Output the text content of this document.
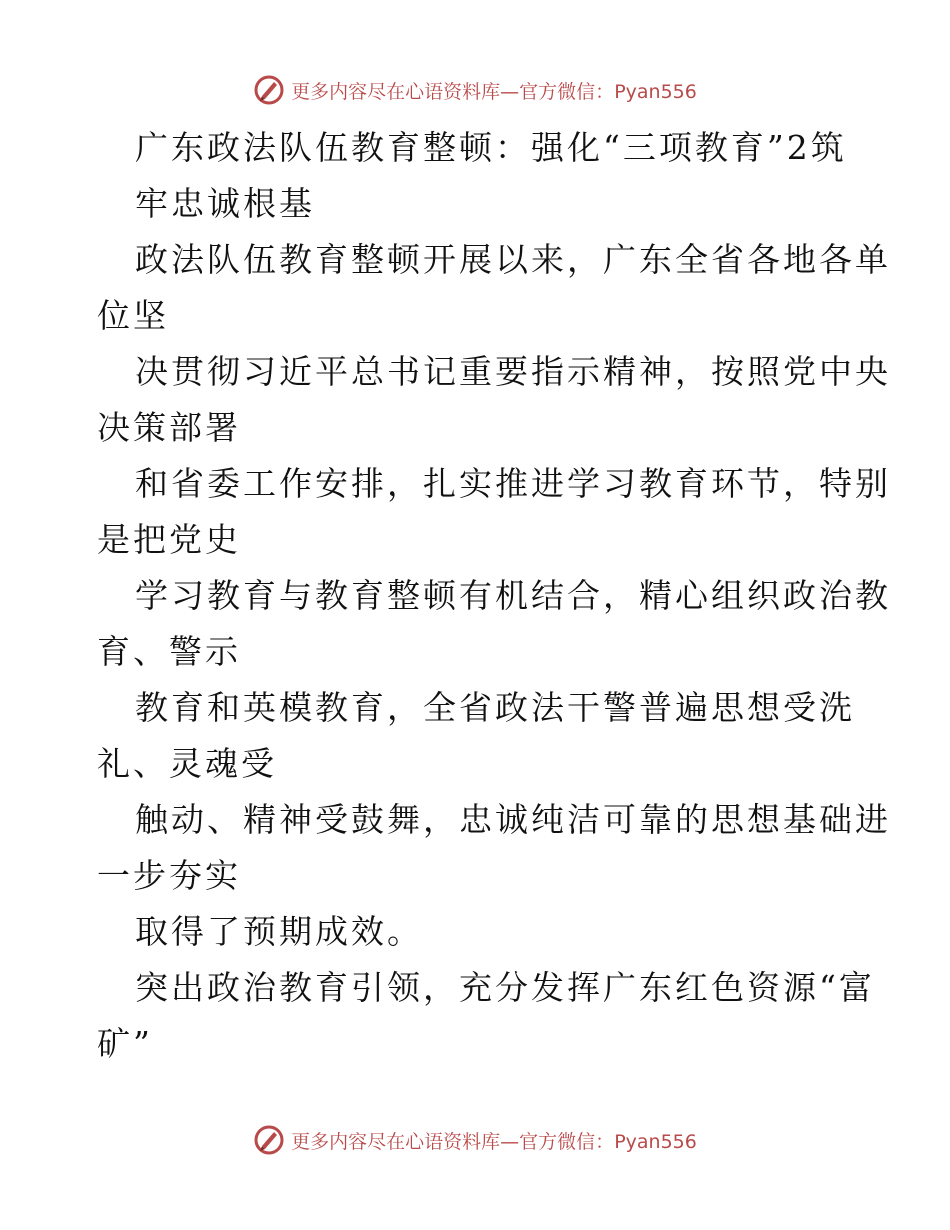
更多内容尽在心语资料库—官方微信：Pyan556
广东政法队伍教育整顿：强化“三项教育”2筑
牢忠诚根基
政法队伍教育整顿开展以来，广东全省各地各单
位坚
决贯彻习近平总书记重要指示精神，按照党中央
决策部署
和省委工作安排，扎实推进学习教育环节，特别
是把党史
学习教育与教育整顿有机结合，精心组织政治教
育、警示
教育和英模教育，全省政法干警普遍思想受洗
礼、灵魂受
触动、精神受鼓舞，忠诚纯洁可靠的思想基础进
一步夯实
取得了预期成效。
突出政治教育引领，充分发挥广东红色资源“富
矿”
更多内容尽在心语资料库—官方微信：Pyan556
